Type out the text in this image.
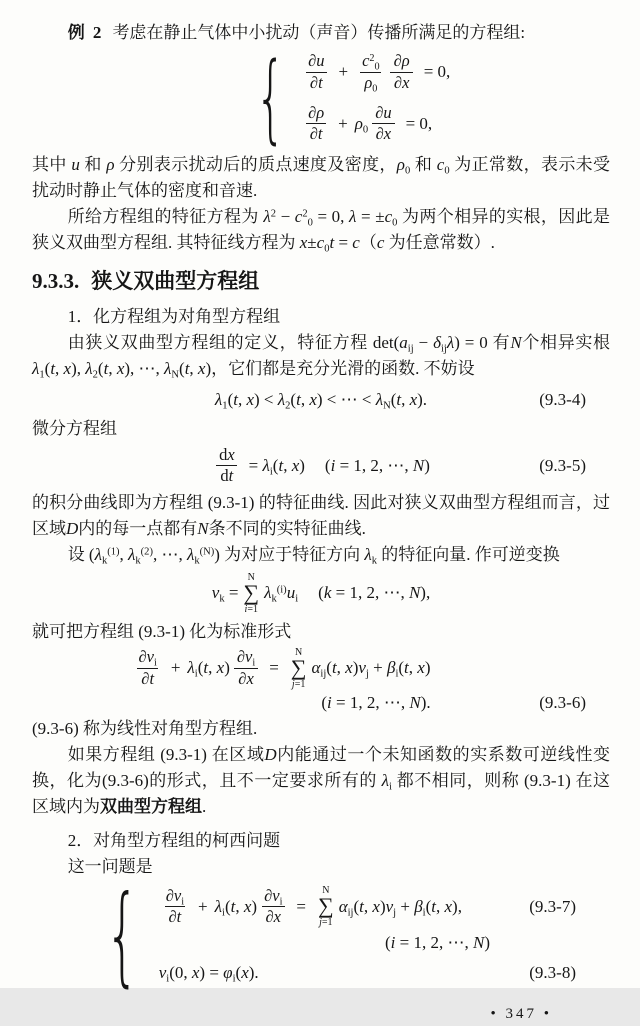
例 2 考虑在静止气体中小扰动（声音）传播所满足的方程组:

{ $\frac{\partial u}{\partial t} + \frac{c^2_0}{\rho_0} \frac{\partial\rho}{\partial x} = 0$,
$\frac{\partial\rho}{\partial t} + \rho_0 \frac{\partial u}{\partial x} = 0$,

其中 u 和 ρ 分别表示扰动后的质点速度及密度，$\rho_0$ 和 $c_0$ 为正常数，表示未受扰动时静止气体的密度和音速.

所给方程组的特征方程为 $\lambda^2 - c^2_0 = 0$, $\lambda = \pm c_0$ 为两个相异的实根，因此是狭义双曲型方程组. 其特征线方程为 $x\pm c_0t = c(c$ 为任意常数）.

9.3.3. 狭义双曲型方程组

1．化方程组为对角型方程组

由狭义双曲型方程组的定义，特征方程 $\det(a_{ij} - \delta_{ij}\lambda) = 0$ 有N个相异实根$\lambda_1(t$, x), $\lambda_2(t$, x), ⋯, $\lambda_N(t$, x)，它们都是充分光滑的函数. 不妨设

$\lambda_1(t$, $x) < \lambda_2(t$, x) < ⋯ < $\lambda_N(t$, x).	(9.3-4)

微分方程组

$\frac{dx}{dt} = \lambda_i(t$, x) (i = 1, 2, ⋯, N)	(9.3-5)

的积分曲线即为方程组 (9.3-1) 的特征曲线. 因此对狭义双曲型方程组而言，过区域D内的每一点都有N条不同的实特征曲线.

设 ($\lambda_k^{(1)}$, $\lambda_k^{(2)}$, ⋯, $\lambda_k^{(N)}$) 为对应于特征方向 $\lambda_k$ 的特征向量. 作可逆变换

$v_k$ =
N
∑
i=1
$\lambda_k^{(i)}u_i$ (k = 1, 2, ⋯, N),

就可把方程组 (9.3-1) 化为标准形式

$\frac{\partial v_i}{\partial t} + \lambda_i(t$, $x) \frac{\partial v_i}{\partial x}$ =
N
∑
j=1
$\alpha_{ij}(t$, $x)v_j + \beta_i(t$, x)
(i = 1, 2, ⋯, N).	(9.3-6)

(9.3-6) 称为线性对角型方程组.

如果方程组 (9.3-1) 在区域D内能通过一个未知函数的实系数可逆线性变换，化为(9.3-6)的形式，且不一定要求所有的 $\lambda_i$ 都不相同，则称 (9.3-1) 在这区域内为双曲型方程组.

2．对角型方程组的柯西问题

这一问题是

{ $\frac{\partial v_i}{\partial t} + \lambda_i(t$, $x) \frac{\partial v_i}{\partial x}$ =
N
∑
j=1
$\alpha_{ij}(t$, $x)v_j + \beta_i(t$, x),	(9.3-7)
(i = 1, 2, ⋯, N)
$v_i(0$, $x) = \varphi_i(x)$.	(9.3-8)
• 347 •
